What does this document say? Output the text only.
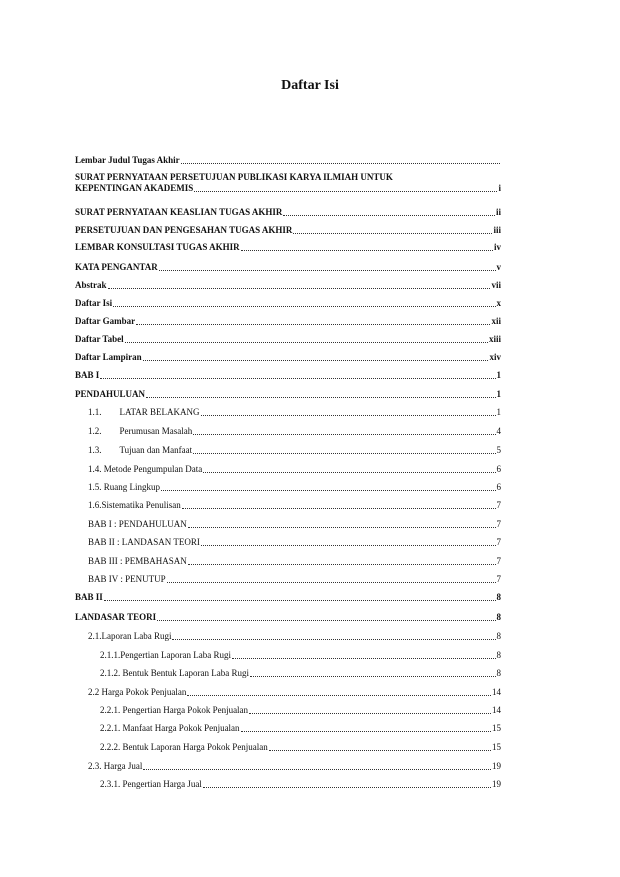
Daftar Isi
Lembar Judul Tugas Akhir
SURAT PERNYATAAN PERSETUJUAN PUBLIKASI KARYA ILMIAH UNTUK
KEPENTINGAN AKADEMIS	i
SURAT PERNYATAAN KEASLIAN TUGAS AKHIR	ii
PERSETUJUAN DAN PENGESAHAN TUGAS AKHIR	iii
LEMBAR KONSULTASI TUGAS AKHIR	iv
KATA PENGANTAR	v
Abstrak	vii
Daftar Isi	x
Daftar Gambar	xii
Daftar Tabel	xiii
Daftar Lampiran	xiv
BAB I	1
PENDAHULUAN	1
1.1.  LATAR BELAKANG	1
1.2.  Perumusan Masalah	4
1.3.  Tujuan dan Manfaat	5
1.4. Metode Pengumpulan Data	6
1.5. Ruang Lingkup	6
1.6.Sistematika Penulisan	7
BAB I : PENDAHULUAN	7
BAB II : LANDASAN TEORI	7
BAB III : PEMBAHASAN	7
BAB IV : PENUTUP	7
BAB II	8
LANDASAR TEORI	8
2.1.Laporan Laba Rugi	8
2.1.1.Pengertian Laporan Laba Rugi	8
2.1.2. Bentuk Bentuk Laporan Laba Rugi	8
2.2 Harga Pokok Penjualan	14
2.2.1. Pengertian Harga Pokok Penjualan	14
2.2.1. Manfaat Harga Pokok Penjualan	15
2.2.2. Bentuk Laporan Harga Pokok Penjualan	15
2.3. Harga Jual	19
2.3.1. Pengertian Harga Jual	19
